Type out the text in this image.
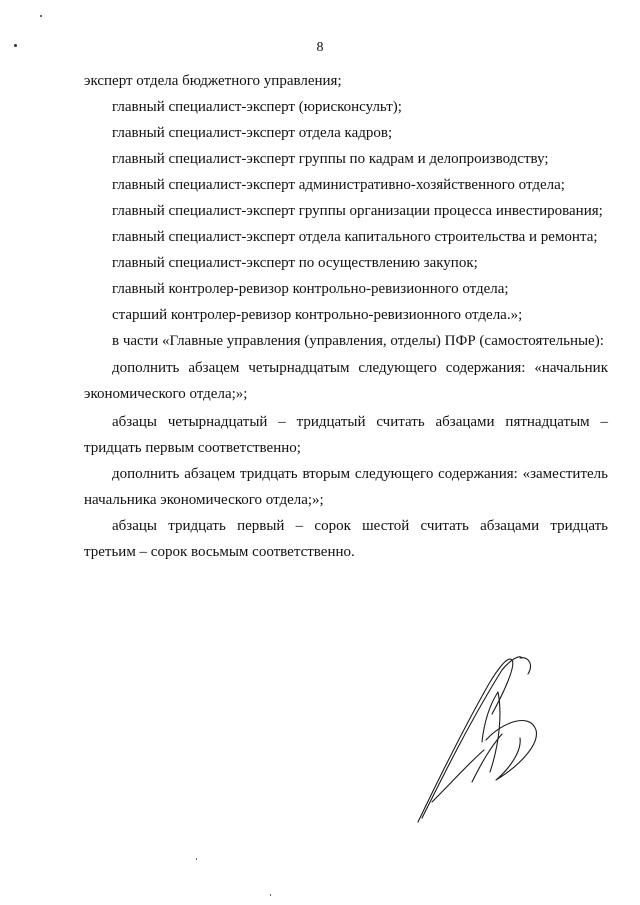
8
эксперт отдела бюджетного управления;
главный специалист-эксперт (юрисконсульт);
главный специалист-эксперт отдела кадров;
главный специалист-эксперт группы по кадрам и делопроизводству;
главный специалист-эксперт административно-хозяйственного отдела;
главный специалист-эксперт группы организации процесса инвестирования;
главный специалист-эксперт отдела капитального строительства и ремонта;
главный специалист-эксперт по осуществлению закупок;
главный контролер-ревизор контрольно-ревизионного отдела;
старший контролер-ревизор контрольно-ревизионного отдела.»;
в части «Главные управления (управления, отделы) ПФР (самостоятельные):
дополнить абзацем четырнадцатым следующего содержания: «начальник
экономического отдела;»;
абзацы четырнадцатый – тридцатый считать абзацами пятнадцатым –
тридцать первым соответственно;
дополнить абзацем тридцать вторым следующего содержания: «заместитель
начальника экономического отдела;»;
абзацы тридцать первый – сорок шестой считать абзацами тридцать
третьим – сорок восьмым соответственно.
